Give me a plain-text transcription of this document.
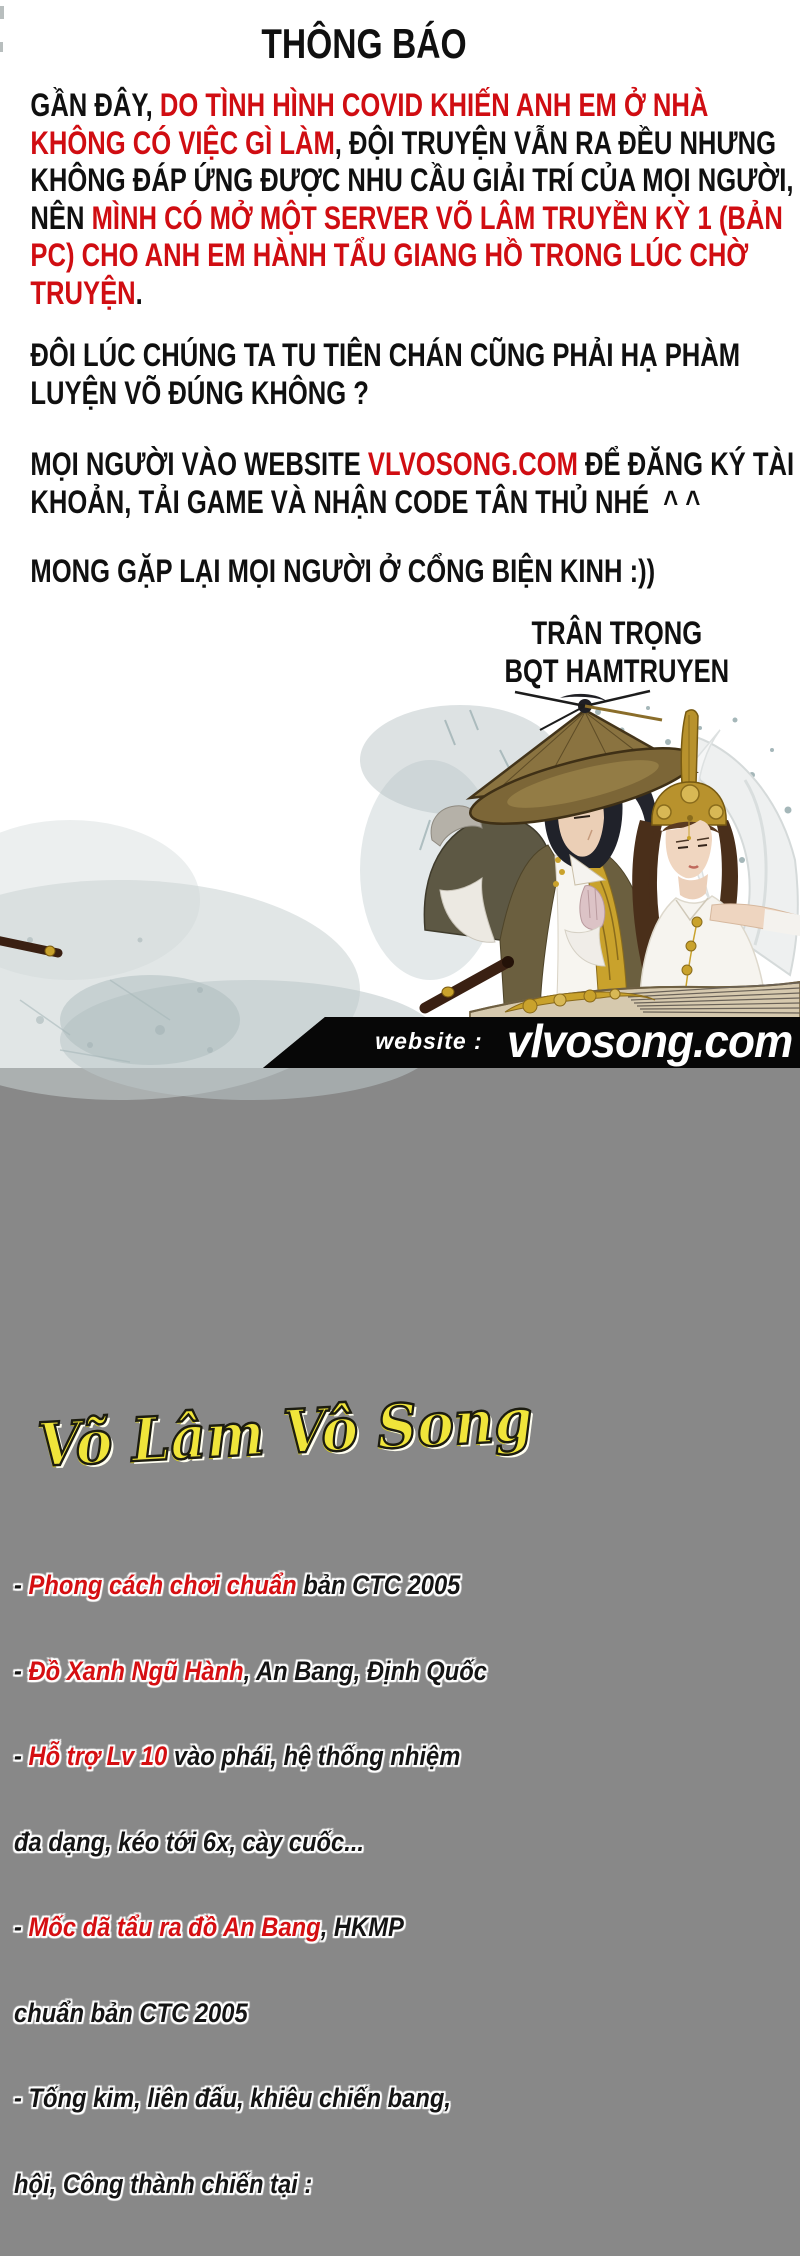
THÔNG BÁO
GẦN ĐÂY, DO TÌNH HÌNH COVID KHIẾN ANH EM Ở NHÀ
KHÔNG CÓ VIỆC GÌ LÀM, ĐỘI TRUYỆN VẪN RA ĐỀU NHƯNG
KHÔNG ĐÁP ỨNG ĐƯỢC NHU CẦU GIẢI TRÍ CỦA MỌI NGƯỜI,
NÊN MÌNH CÓ MỞ MỘT SERVER VÕ LÂM TRUYỀN KỲ 1 (BẢN
PC) CHO ANH EM HÀNH TẨU GIANG HỒ TRONG LÚC CHỜ
TRUYỆN.
ĐÔI LÚC CHÚNG TA TU TIÊN CHÁN CŨNG PHẢI HẠ PHÀM
LUYỆN VÕ ĐÚNG KHÔNG ?
MỌI NGƯỜI VÀO WEBSITE VLVOSONG.COM ĐỂ ĐĂNG KÝ TÀI
KHOẢN, TẢI GAME VÀ NHẬN CODE TÂN THỦ NHÉ  ^ ^
MONG GẶP LẠI MỌI NGƯỜI Ở CỔNG BIỆN KINH :))
TRÂN TRỌNG
BQT HAMTRUYEN
Võ Lâm Vô Song

- Phong cách chơi chuẩn bản CTC 2005

- Đồ Xanh Ngũ Hành, An Bang, Định Quốc

- Hỗ trợ Lv 10 vào phái, hệ thống nhiệm

đa dạng, kéo tới 6x, cày cuốc...

- Mốc dã tẩu ra đồ An Bang, HKMP

chuẩn bản CTC 2005

- Tống kim, liên đấu, khiêu chiến bang,

hội, Công thành chiến tại :

website : vlvosong.com
